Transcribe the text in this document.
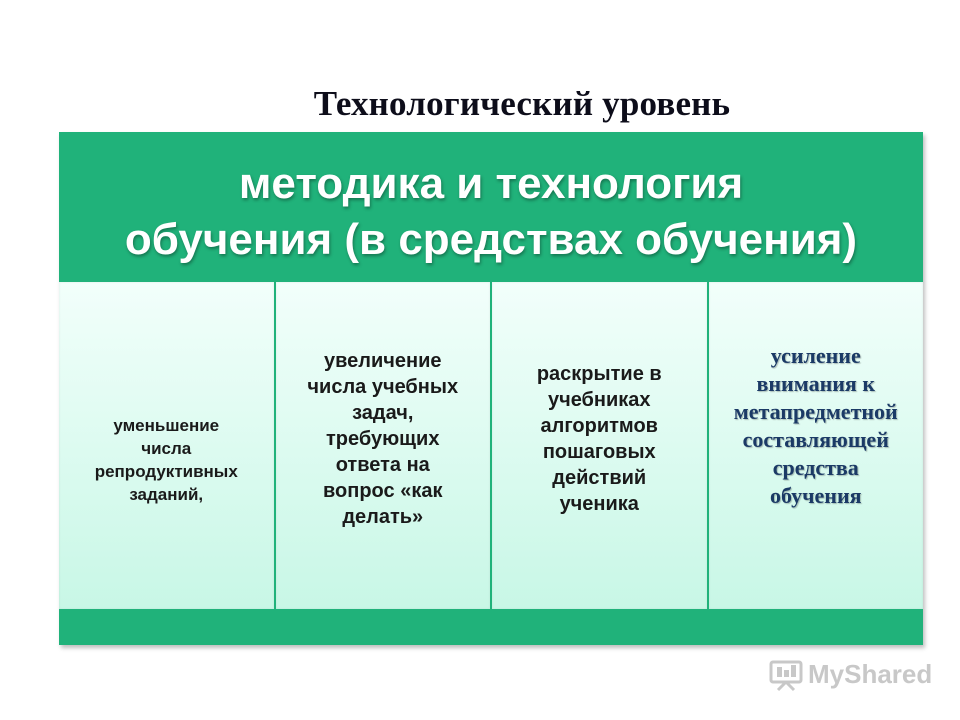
Технологический уровень
методика и технология
обучения (в средствах обучения)
уменьшение
числа
репродуктивных
заданий,
увеличение
числа учебных
задач,
требующих
ответа на
вопрос «как
делать»
раскрытие в
учебниках
алгоритмов
пошаговых
действий
ученика
усиление
внимания к
метапредметной
составляющей
средства
обучения
MyShared
